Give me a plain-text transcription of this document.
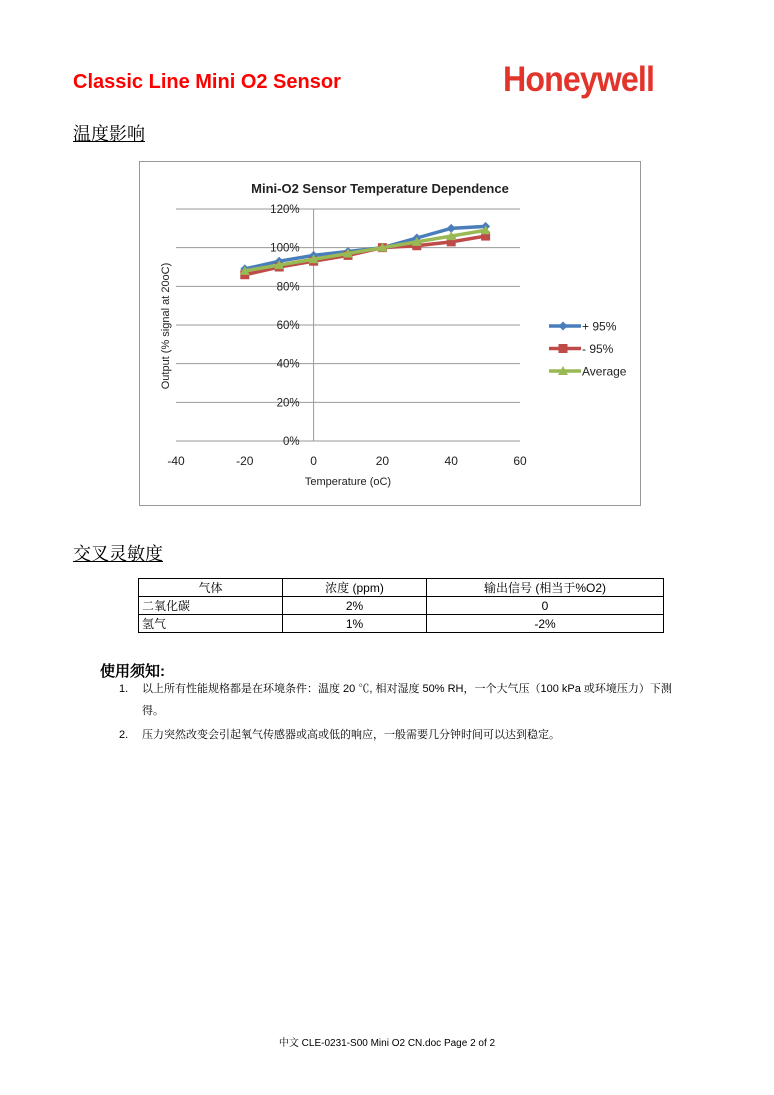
Classic Line Mini O2 Sensor	Honeywell
温度影响
Mini-O2 Sensor Temperature Dependence
0%
20%
40%
60%
80%
100%
120%
-40	-20	0	20	40	60
Temperature (oC)
Output (% signal at 20oC)	+ 95%
- 95%
Average
交叉灵敏度
气体	浓度 (ppm)	输出信号 (相当于%O2)
二氧化碳	2%	0
氢气	1%	-2%
使用须知:
1. 以上所有性能规格都是在环境条件：温度 20 ℃, 相对湿度 50% RH，一个大气压（100 kPa 或环境压力）下测
得。
2. 压力突然改变会引起氧气传感器或高或低的响应，一般需要几分钟时间可以达到稳定。
中文 CLE-0231-S00 Mini O2 CN.doc Page 2 of 2
